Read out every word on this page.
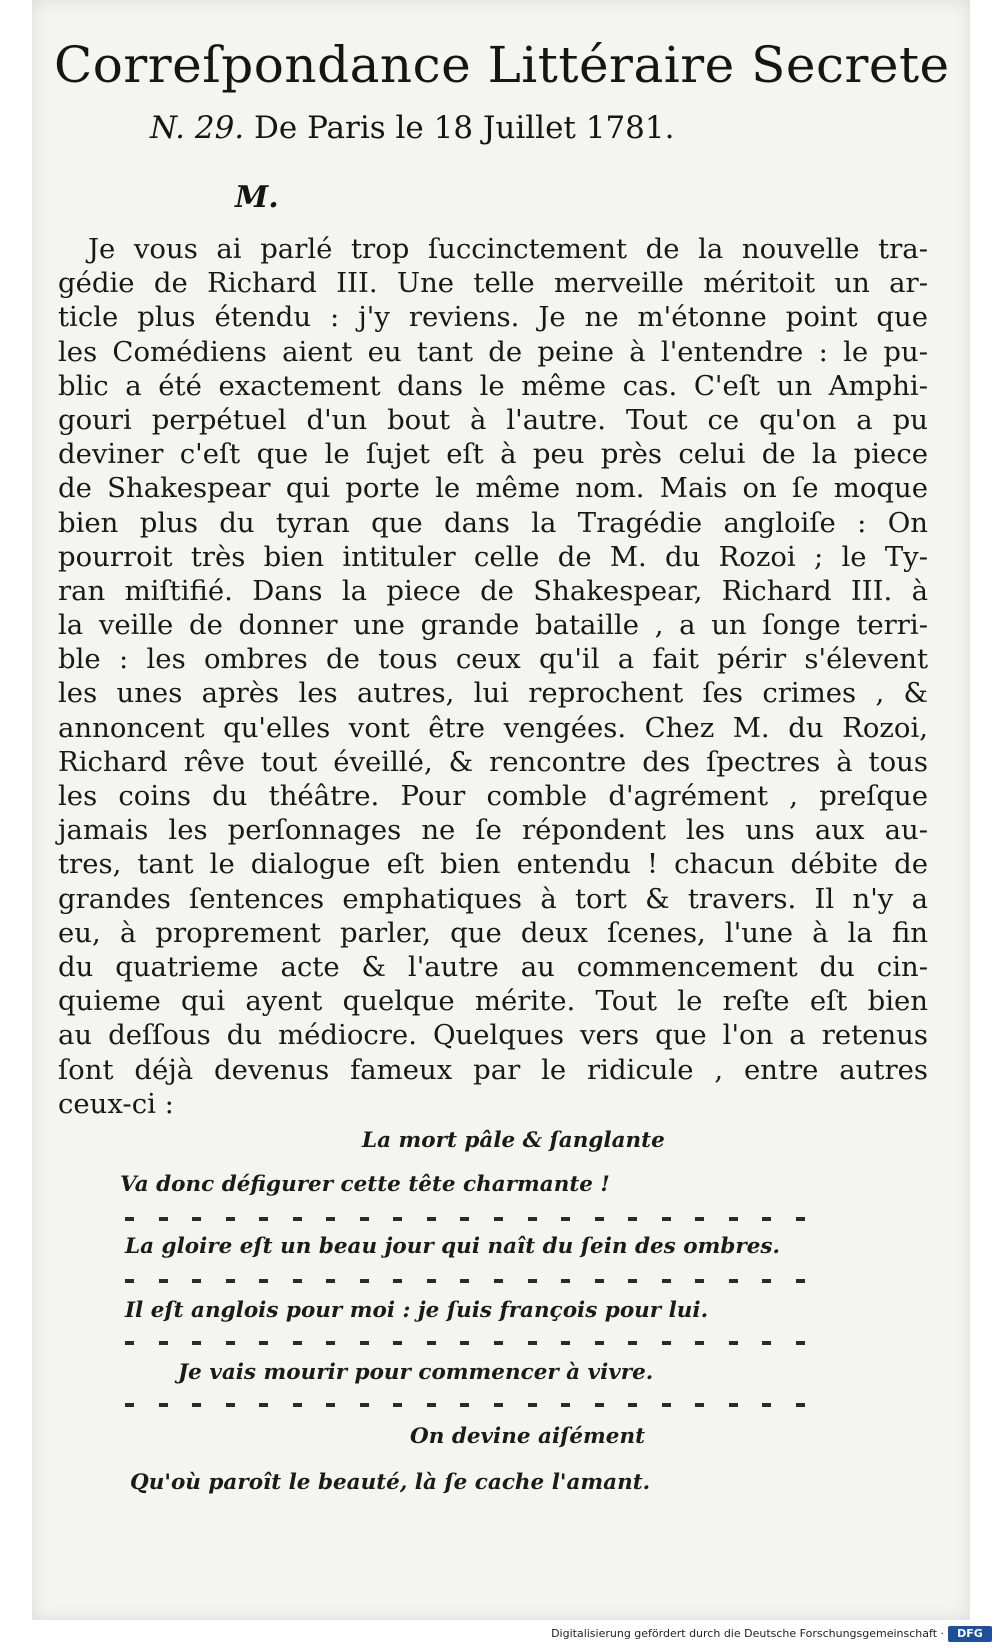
Correſpondance Littéraire Secrete
N. 29. De Paris le 18 Juillet 1781.
M.
Je vous ai parlé trop ſuccinctement de la nouvelle tra-
gédie de Richard III. Une telle merveille méritoit un ar-
ticle plus étendu : j'y reviens. Je ne m'étonne point que
les Comédiens aient eu tant de peine à l'entendre : le pu-
blic a été exactement dans le même cas. C'eſt un Amphi-
gouri perpétuel d'un bout à l'autre. Tout ce qu'on a pu
deviner c'eſt que le ſujet eſt à peu près celui de la piece
de Shakespear qui porte le même nom. Mais on ſe moque
bien plus du tyran que dans la Tragédie angloiſe : On
pourroit très bien intituler celle de M. du Rozoi ; le Ty-
ran miſtifié. Dans la piece de Shakespear, Richard III. à
la veille de donner une grande bataille , a un ſonge terri-
ble : les ombres de tous ceux qu'il a fait périr s'élevent
les unes après les autres, lui reprochent ſes crimes , &
annoncent qu'elles vont être vengées. Chez M. du Rozoi,
Richard rêve tout éveillé, & rencontre des ſpectres à tous
les coins du théâtre. Pour comble d'agrément , preſque
jamais les perſonnages ne ſe répondent les uns aux au-
tres, tant le dialogue eſt bien entendu ! chacun débite de
grandes ſentences emphatiques à tort & travers. Il n'y a
eu, à proprement parler, que deux ſcenes, l'une à la fin
du quatrieme acte & l'autre au commencement du cin-
quieme qui ayent quelque mérite. Tout le reſte eſt bien
au deſſous du médiocre. Quelques vers que l'on a retenus
ſont déjà devenus fameux par le ridicule , entre autres
ceux-ci :
La mort pâle & ſanglante
Va donc défigurer cette tête charmante !
La gloire eſt un beau jour qui naît du ſein des ombres.
Il eſt anglois pour moi : je ſuis françois pour lui.
Je vais mourir pour commencer à vivre.
On devine aiſément
Qu'où paroît le beauté, là ſe cache l'amant.
Digitalisierung gefördert durch die Deutsche Forschungsgemeinschaft ·	DFG
